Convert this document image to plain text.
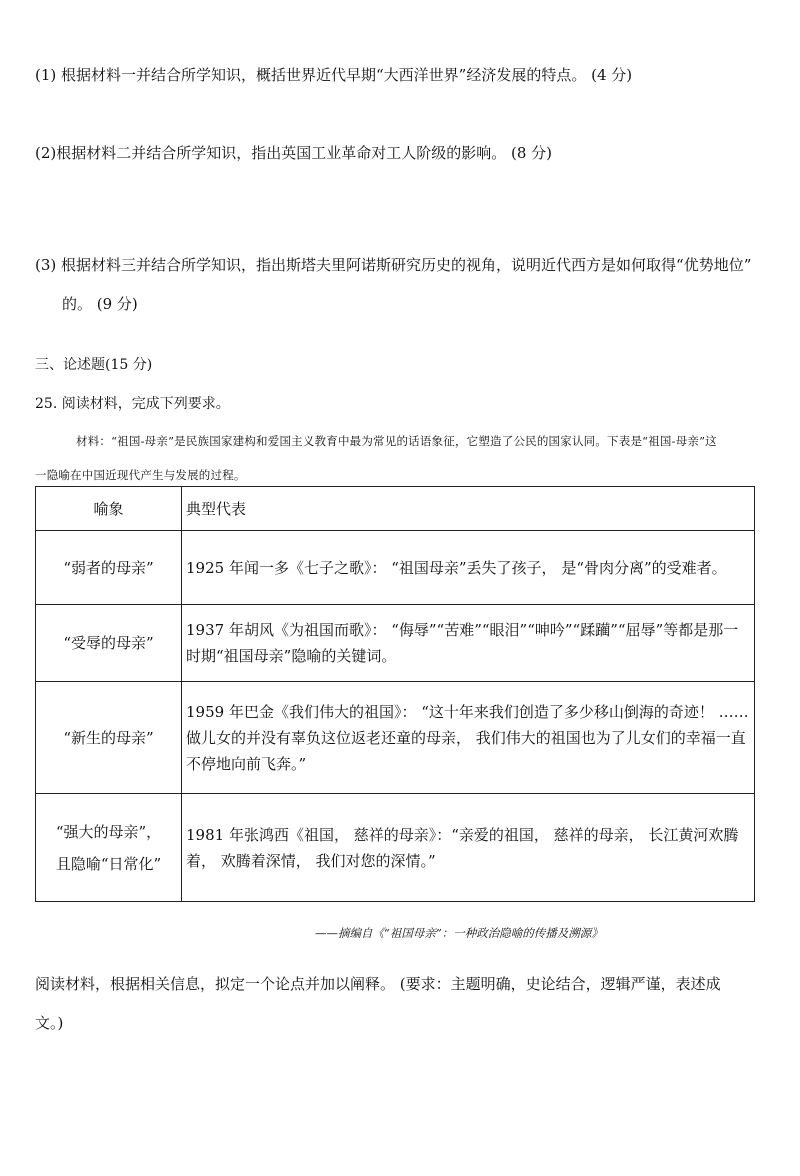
(1) 根据材料一并结合所学知识，概括世界近代早期“大西洋世界”经济发展的特点。 (4 分)
(2)根据材料二并结合所学知识，指出英国工业革命对工人阶级的影响。 (8 分)
(3) 根据材料三并结合所学知识，指出斯塔夫里阿诺斯研究历史的视角，说明近代西方是如何取得“优势地位”
的。 (9 分)
三、论述题(15 分)
25. 阅读材料，完成下列要求。
材料：“祖国-母亲”是民族国家建构和爱国主义教育中最为常见的话语象征，它塑造了公民的国家认同。下表是“祖国-母亲”这
一隐喻在中国近现代产生与发展的过程。
喻象	典型代表
“弱者的母亲”	1925 年闻一多《七子之歌》： “祖国母亲”丢失了孩子， 是“骨肉分离”的受难者。
“受辱的母亲”	1937 年胡风《为祖国而歌》： “侮辱”“苦难”“眼泪”“呻吟”“蹂躏”“屈辱”等都是那一时期“祖国母亲”隐喻的关键词。
“新生的母亲”	1959 年巴金《我们伟大的祖国》： “这十年来我们创造了多少移山倒海的奇迹！ ……做儿女的并没有辜负这位返老还童的母亲， 我们伟大的祖国也为了儿女们的幸福一直不停地向前飞奔。”
“强大的母亲”， 且隐喻“日常化”	1981 年张鸿西《祖国， 慈祥的母亲》：“亲爱的祖国， 慈祥的母亲， 长江黄河欢腾着， 欢腾着深情， 我们对您的深情。”
——摘编自《“祖国母亲”：一种政治隐喻的传播及溯源》
阅读材料，根据相关信息，拟定一个论点并加以阐释。 (要求：主题明确，史论结合，逻辑严谨，表述成
文。)
